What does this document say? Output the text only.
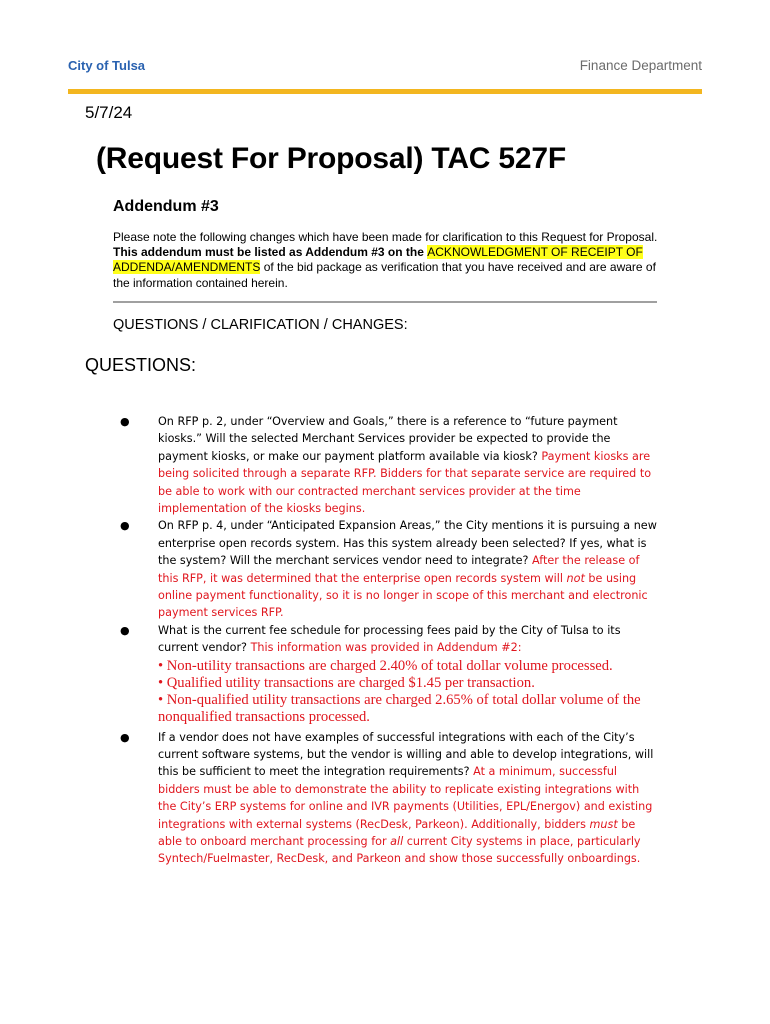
City of Tulsa	Finance Department
5/7/24
(Request For Proposal) TAC 527F
Addendum #3
Please note the following changes which have been made for clarification to this Request for Proposal. This addendum must be listed as Addendum #3 on the ACKNOWLEDGMENT OF RECEIPT OF ADDENDA/AMENDMENTS of the bid package as verification that you have received and are aware of the information contained herein.
QUESTIONS / CLARIFICATION / CHANGES:
QUESTIONS:
●	On RFP p. 2, under “Overview and Goals,” there is a reference to “future payment kiosks.” Will the selected Merchant Services provider be expected to provide the payment kiosks, or make our payment platform available via kiosk? Payment kiosks are being solicited through a separate RFP. Bidders for that separate service are required to be able to work with our contracted merchant services provider at the time implementation of the kiosks begins.
●	On RFP p. 4, under “Anticipated Expansion Areas,” the City mentions it is pursuing a new enterprise open records system. Has this system already been selected? If yes, what is the system? Will the merchant services vendor need to integrate? After the release of this RFP, it was determined that the enterprise open records system will not be using online payment functionality, so it is no longer in scope of this merchant and electronic payment services RFP.
●	What is the current fee schedule for processing fees paid by the City of Tulsa to its current vendor? This information was provided in Addendum #2:
• Non-utility transactions are charged 2.40% of total dollar volume processed.
• Qualified utility transactions are charged $1.45 per transaction.
• Non-qualified utility transactions are charged 2.65% of total dollar volume of the nonqualified transactions processed.
●	If a vendor does not have examples of successful integrations with each of the City’s current software systems, but the vendor is willing and able to develop integrations, will this be sufficient to meet the integration requirements? At a minimum, successful bidders must be able to demonstrate the ability to replicate existing integrations with the City’s ERP systems for online and IVR payments (Utilities, EPL/Energov) and existing integrations with external systems (RecDesk, Parkeon). Additionally, bidders must be able to onboard merchant processing for all current City systems in place, particularly Syntech/Fuelmaster, RecDesk, and Parkeon and show those successfully onboardings.
